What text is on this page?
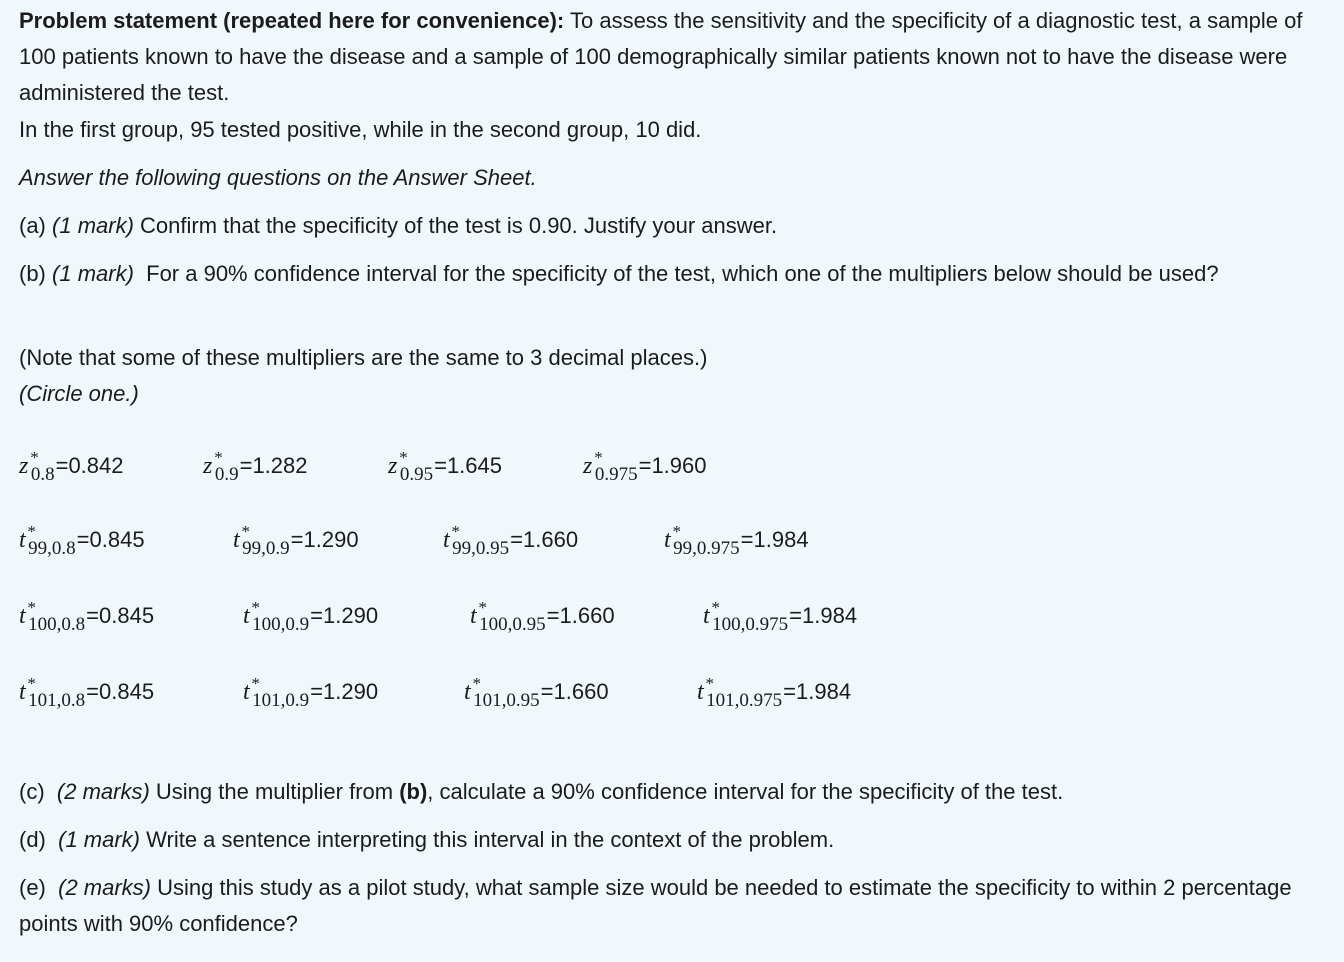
Problem statement (repeated here for convenience): To assess the sensitivity and the specificity of a diagnostic test, a sample of 100 patients known to have the disease and a sample of 100 demographically similar patients known not to have the disease were administered the test.

In the first group, 95 tested positive, while in the second group, 10 did.

Answer the following questions on the Answer Sheet.

(a) (1 mark) Confirm that the specificity of the test is 0.90. Justify your answer.

(b) (1 mark)  For a 90% confidence interval for the specificity of the test, which one of the multipliers below should be used?

(Note that some of these multipliers are the same to 3 decimal places.)

(Circle one.)

z*0.8=0.842	z*0.9=1.282	z*0.95=1.645	z*0.975=1.960
t*99,0.8=0.845	t*99,0.9=1.290	t*99,0.95=1.660	t*99,0.975=1.984
t*100,0.8=0.845	t*100,0.9=1.290	t*100,0.95=1.660	t*100,0.975=1.984
t*101,0.8=0.845	t*101,0.9=1.290	t*101,0.95=1.660	t*101,0.975=1.984

(c) (2 marks) Using the multiplier from (b), calculate a 90% confidence interval for the specificity of the test.

(d) (1 mark) Write a sentence interpreting this interval in the context of the problem.

(e) (2 marks) Using this study as a pilot study, what sample size would be needed to estimate the specificity to within 2 percentage points with 90% confidence?
